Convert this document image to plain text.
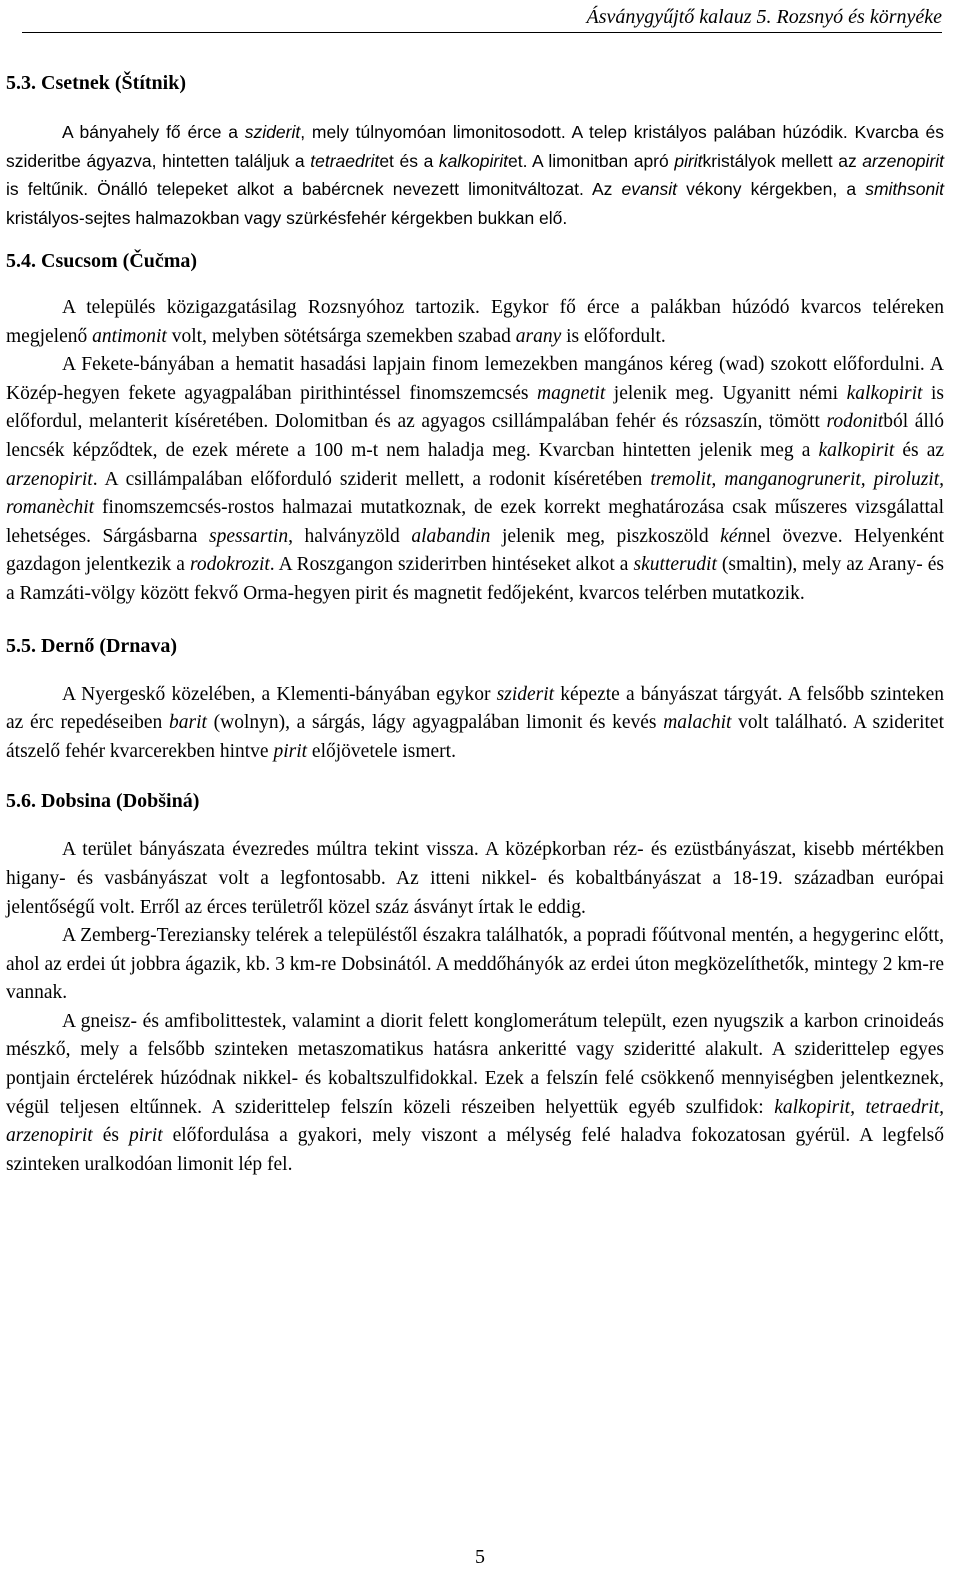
Ásványgyűjtő kalauz 5. Rozsnyó és környéke
5.3. Csetnek (Štítnik)

A bányahely fő érce a sziderit, mely túlnyomóan limonitosodott. A telep kristályos palában húzódik. Kvarcba és szideritbe ágyazva, hintetten találjuk a tetraedritet és a kalkopiritet. A limonitban apró piritkristályok mellett az arzenopirit is feltűnik. Önálló telepeket alkot a babércnek nevezett limonitváltozat. Az evansit vékony kérgekben, a smithsonit kristályos-sejtes halmazokban vagy szürkésfehér kérgekben bukkan elő.

5.4. Csucsom (Čučma)

A település közigazgatásilag Rozsnyóhoz tartozik. Egykor fő érce a palákban húzódó kvarcos teléreken megjelenő antimonit volt, melyben sötétsárga szemekben szabad arany is előfordult.

A Fekete-bányában a hematit hasadási lapjain finom lemezekben mangános kéreg (wad) szokott előfordulni. A Közép-hegyen fekete agyagpalában pirithintéssel finomszemcsés magnetit jelenik meg. Ugyanitt némi kalkopirit is előfordul, melanterit kíséretében. Dolomitban és az agyagos csillámpalában fehér és rózsaszín, tömött rodonitból álló lencsék képződtek, de ezek mérete a 100 m-t nem haladja meg. Kvarcban hintetten jelenik meg a kalkopirit és az arzenopirit. A csillámpalában előforduló sziderit mellett, a rodonit kíséretében tremolit, manganogrunerit, piroluzit, romanèchit finomszemcsés-rostos halmazai mutatkoznak, de ezek korrekt meghatározása csak műszeres vizsgálattal lehetséges. Sárgásbarna spessartin, halványzöld alabandin jelenik meg, piszkoszöld kénnel övezve. Helyenként gazdagon jelentkezik a rodokrozit. A Roszgangon sziderітben hintéseket alkot a skutterudit (smaltin), mely az Arany- és a Ramzáti-völgy között fekvő Orma-hegyen pirit és magnetit fedőjeként, kvarcos telérben mutatkozik.

5.5. Dernő (Drnava)

A Nyergeskő közelében, a Klementi-bányában egykor sziderit képezte a bányászat tárgyát. A felsőbb szinteken az érc repedéseiben barit (wolnyn), a sárgás, lágy agyagpalában limonit és kevés malachit volt található. A szideritet átszelő fehér kvarcerekben hintve pirit előjövetele ismert.

5.6. Dobsina (Dobšiná)

A terület bányászata évezredes múltra tekint vissza. A középkorban réz- és ezüstbányászat, kisebb mértékben higany- és vasbányászat volt a legfontosabb. Az itteni nikkel- és kobaltbányászat a 18-19. században európai jelentőségű volt. Erről az érces területről közel száz ásványt írtak le eddig.

A Zemberg-Tereziansky telérek a településtől északra találhatók, a popradi főútvonal mentén, a hegygerinc előtt, ahol az erdei út jobbra ágazik, kb. 3 km-re Dobsinától. A meddőhányók az erdei úton megközelíthetők, mintegy 2 km-re vannak.

A gneisz- és amfibolittestek, valamint a diorit felett konglomerátum települt, ezen nyugszik a karbon crinoideás mészkő, mely a felsőbb szinteken metaszomatikus hatásra ankeritté vagy szideritté alakult. A sziderittelep egyes pontjain érctelérek húzódnak nikkel- és kobaltszulfidokkal. Ezek a felszín felé csökkenő mennyiségben jelentkeznek, végül teljesen eltűnnek. A sziderittelep felszín közeli részeiben helyettük egyéb szulfidok: kalkopirit, tetraedrit, arzenopirit és pirit előfordulása a gyakori, mely viszont a mélység felé haladva fokozatosan gyérül. A legfelső szinteken uralkodóan limonit lép fel.

5
